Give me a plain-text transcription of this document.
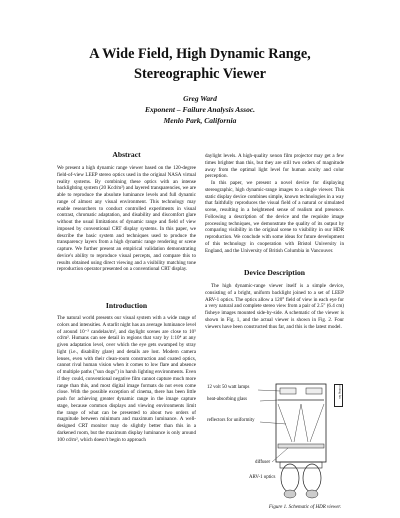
A Wide Field, High Dynamic Range,
Stereographic Viewer
Greg Ward
Exponent – Failure Analysis Assoc.
Menlo Park, California
Abstract

We present a high dynamic range viewer based on the 120-degree field-of-view LEEP stereo optics used in the original NASA virtual reality systems. By combining these optics with an intense backlighting system (20 Kcd/m²) and layered transparencies, we are able to reproduce the absolute luminance levels and full dynamic range of almost any visual environment. This technology may enable researchers to conduct controlled experiments in visual contrast, chromatic adaptation, and disability and discomfort glare without the usual limitations of dynamic range and field of view imposed by conventional CRT display systems. In this paper, we describe the basic system and techniques used to produce the transparency layers from a high dynamic range rendering or scene capture. We further present an empirical validation demonstrating device's ability to reproduce visual percepts, and compare this to results obtained using direct viewing and a visibility matching tone reproduction operator presented on a conventional CRT display.

Introduction

The natural world presents our visual system with a wide range of colors and intensities. A starlit night has an average luminance level of around 10⁻³ candelas/m², and daylight scenes are close to 10⁵ cd/m². Humans can see detail in regions that vary by 1:10⁴ at any given adaptation level, over which the eye gets swamped by stray light (i.e., disability glare) and details are lost. Modern camera lenses, even with their clean-room construction and coated optics, cannot rival human vision when it comes to low flare and absence of multiple paths ("sun dogs") in harsh lighting environments. Even if they could, conventional negative film cannot capture much more range than this, and most digital image formats do not even come close. With the possible exception of cinema, there has been little push for achieving greater dynamic range in the image capture stage, because common displays and viewing environments limit the range of what can be presented to about two orders of magnitude between minimum and maximum luminance. A well-designed CRT monitor may do slightly better than this in a darkened room, but the maximum display luminance is only around 100 cd/m², which doesn't begin to approach

daylight levels. A high-quality xenon film projector may get a few times brighter than this, but they are still two orders of magnitude away from the optimal light level for human acuity and color perception.

In this paper, we present a novel device for displaying stereographic, high dynamic-range images to a single viewer. This static display device combines simple, known technologies in a way that faithfully reproduces the visual field of a natural or simulated scene, resulting in a heightened sense of realism and presence. Following a description of the device and the requisite image processing techniques, we demonstrate the quality of its output by comparing visibility in the original scene to visibility in our HDR reproduction. We conclude with some ideas for future development of this technology in cooperation with Bristol University in England, and the University of British Columbia in Vancouver.

Device Description

The high dynamic-range viewer itself is a simple device, consisting of a bright, uniform backlight joined to a set of LEEP ARV-1 optics. The optics allow a 120° field of view in each eye for a very natural and complete stereo view from a pair of 2.5" (6.4 cm) fisheye images mounted side-by-side. A schematic of the viewer is shown in Fig. 1, and the actual viewer is shown in Fig. 2. Four viewers have been constructed thus far, and this is the latest model.

12 volt 50 watt lamps
heat-absorbing glass
reflectors for uniformity
diffuser
ARV-1 optics
cooling fan
Figure 1. Schematic of HDR viewer.
